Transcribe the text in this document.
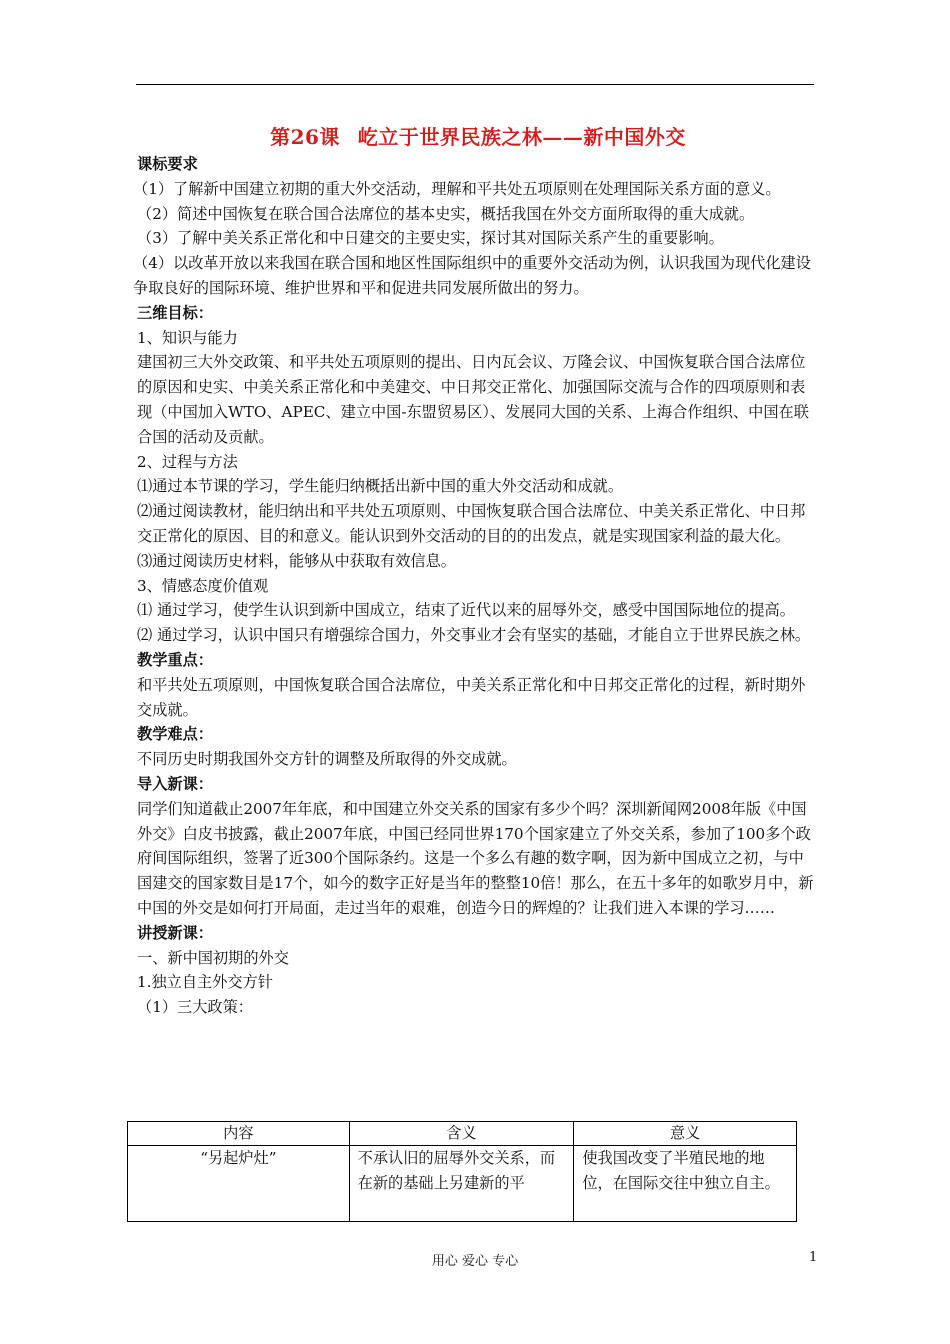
第26课 屹立于世界民族之林——新中国外交

课标要求

（1）了解新中国建立初期的重大外交活动，理解和平共处五项原则在处理国际关系方面的意义。

（2）简述中国恢复在联合国合法席位的基本史实，概括我国在外交方面所取得的重大成就。

（3）了解中美关系正常化和中日建交的主要史实，探讨其对国际关系产生的重要影响。

（4）以改革开放以来我国在联合国和地区性国际组织中的重要外交活动为例，认识我国为现代化建设争取良好的国际环境、维护世界和平和促进共同发展所做出的努力。

三维目标：

1、知识与能力

建国初三大外交政策、和平共处五项原则的提出、日内瓦会议、万隆会议、中国恢复联合国合法席位的原因和史实、中美关系正常化和中美建交、中日邦交正常化、加强国际交流与合作的四项原则和表现（中国加入WTO、APEC、建立中国-东盟贸易区）、发展同大国的关系、上海合作组织、中国在联合国的活动及贡献。

2、过程与方法

⑴通过本节课的学习，学生能归纳概括出新中国的重大外交活动和成就。

⑵通过阅读教材，能归纳出和平共处五项原则、中国恢复联合国合法席位、中美关系正常化、中日邦交正常化的原因、目的和意义。能认识到外交活动的目的的出发点，就是实现国家利益的最大化。

⑶通过阅读历史材料，能够从中获取有效信息。

3、情感态度价值观

⑴ 通过学习，使学生认识到新中国成立，结束了近代以来的屈辱外交，感受中国国际地位的提高。

⑵ 通过学习，认识中国只有增强综合国力，外交事业才会有坚实的基础，才能自立于世界民族之林。

教学重点：

和平共处五项原则，中国恢复联合国合法席位，中美关系正常化和中日邦交正常化的过程，新时期外交成就。

教学难点：

不同历史时期我国外交方针的调整及所取得的外交成就。

导入新课：

同学们知道截止2007年年底，和中国建立外交关系的国家有多少个吗？深圳新闻网2008年版《中国外交》白皮书披露，截止2007年底，中国已经同世界170个国家建立了外交关系，参加了100多个政府间国际组织，签署了近300个国际条约。这是一个多么有趣的数字啊，因为新中国成立之初，与中国建交的国家数目是17个，如今的数字正好是当年的整整10倍！那么，在五十多年的如歌岁月中，新中国的外交是如何打开局面，走过当年的艰难，创造今日的辉煌的？让我们进入本课的学习……

讲授新课：

一、新中国初期的外交

1.独立自主外交方针

（1）三大政策：

内容	含义	意义
“另起炉灶”	不承认旧的屈辱外交关系，而在新的基础上另建新的平	使我国改变了半殖民地的地位，在国际交往中独立自主。
用心 爱心 专心	1
